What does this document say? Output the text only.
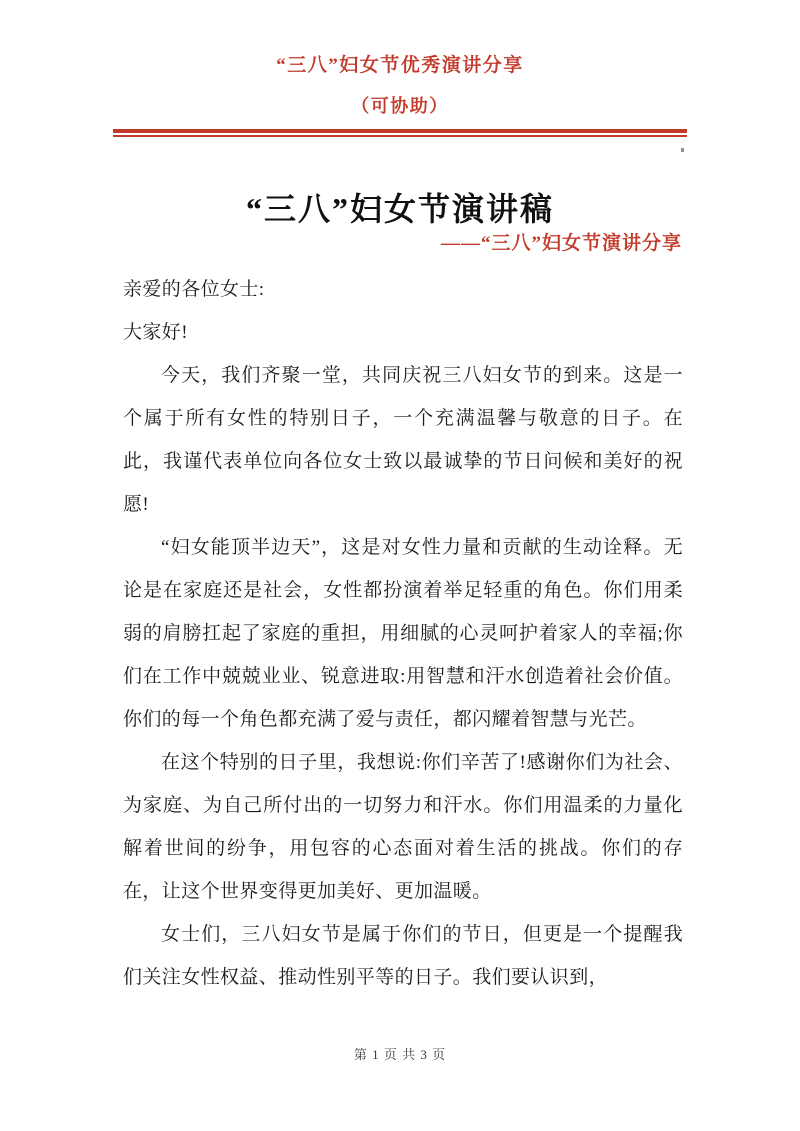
“三八”妇女节优秀演讲分享
（可协助）
“三八”妇女节演讲稿
——“三八”妇女节演讲分享

亲爱的各位女士:

大家好!

今天，我们齐聚一堂，共同庆祝三八妇女节的到来。这是一个属于所有女性的特别日子，一个充满温馨与敬意的日子。在此，我谨代表单位向各位女士致以最诚挚的节日问候和美好的祝愿!

“妇女能顶半边天”，这是对女性力量和贡献的生动诠释。无论是在家庭还是社会，女性都扮演着举足轻重的角色。你们用柔弱的肩膀扛起了家庭的重担，用细腻的心灵呵护着家人的幸福;你们在工作中兢兢业业、锐意进取:用智慧和汗水创造着社会价值。你们的每一个角色都充满了爱与责任，都闪耀着智慧与光芒。

在这个特别的日子里，我想说:你们辛苦了!感谢你们为社会、为家庭、为自己所付出的一切努力和汗水。你们用温柔的力量化解着世间的纷争，用包容的心态面对着生活的挑战。你们的存在，让这个世界变得更加美好、更加温暖。

女士们，三八妇女节是属于你们的节日，但更是一个提醒我们关注女性权益、推动性别平等的日子。我们要认识到，

第 1 页 共 3 页
